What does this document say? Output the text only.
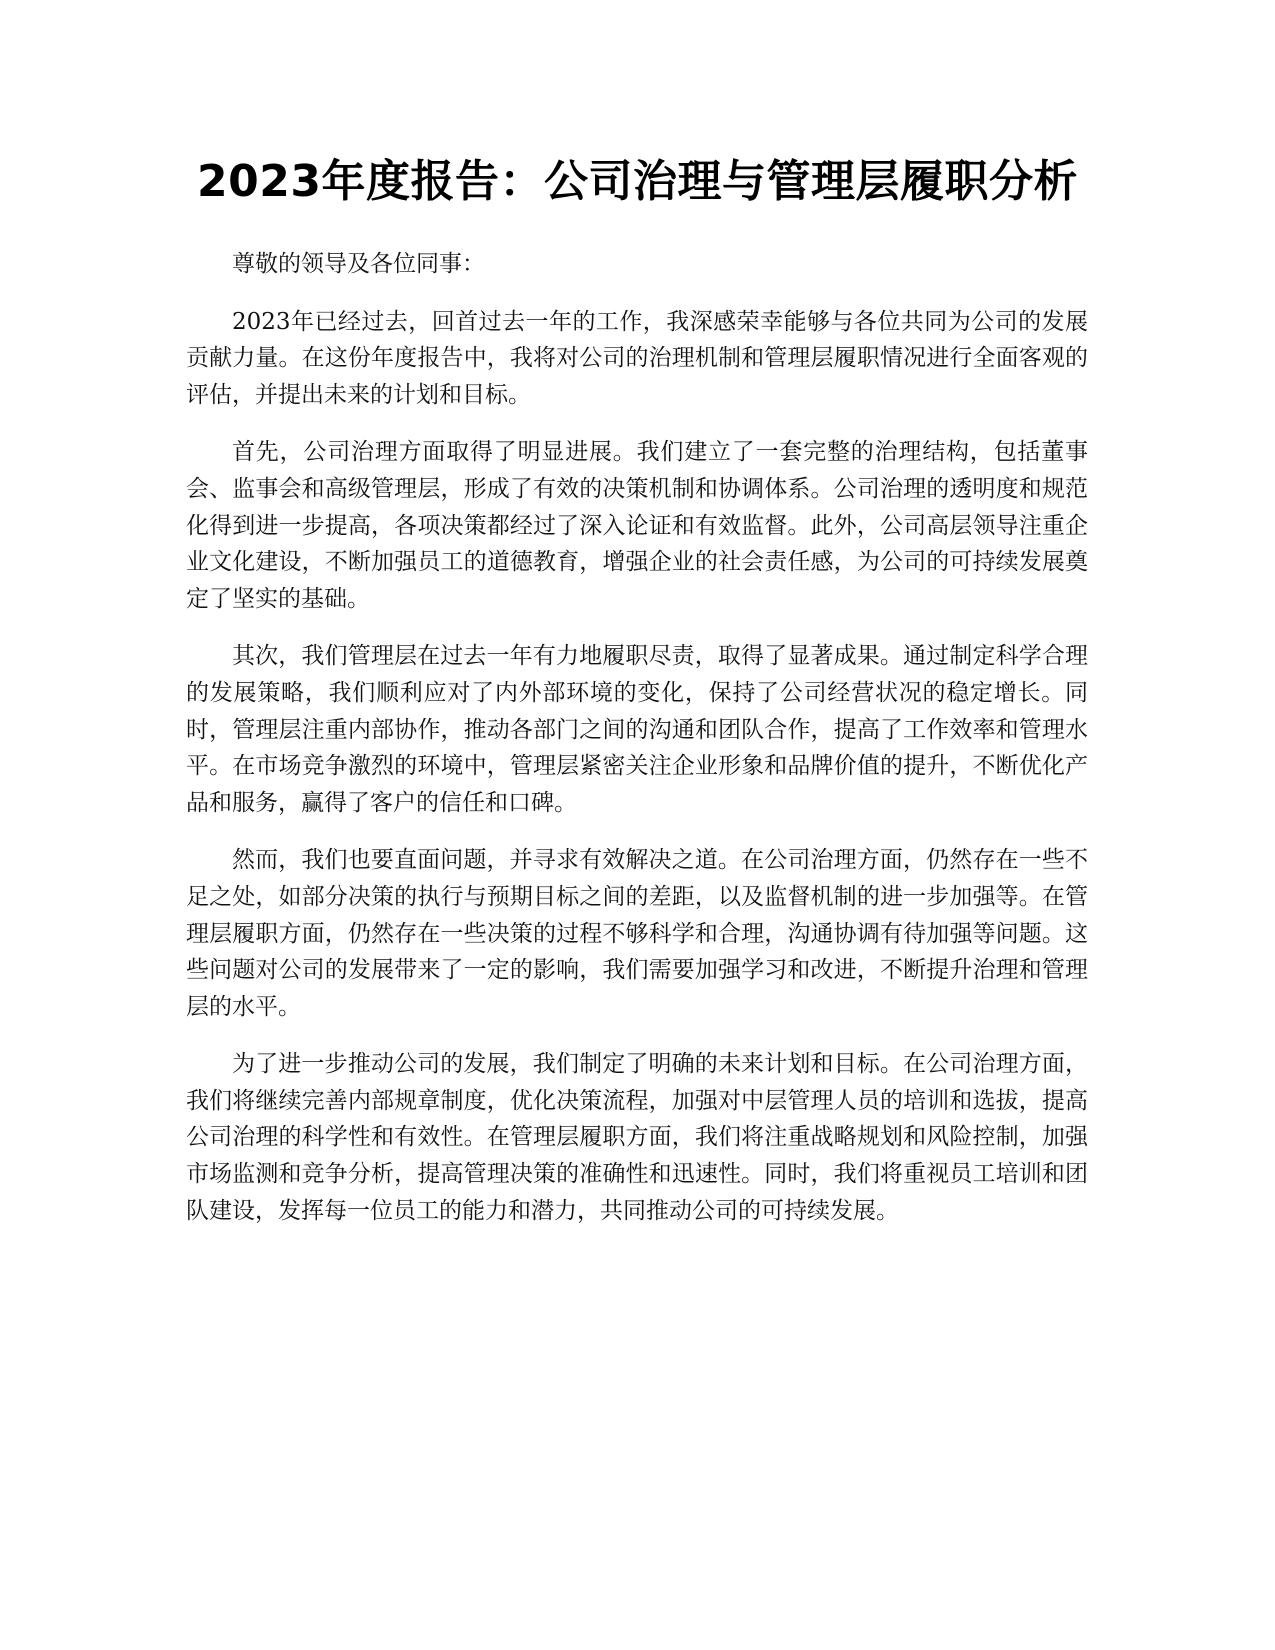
2023年度报告：公司治理与管理层履职分析

尊敬的领导及各位同事：

2023年已经过去，回首过去一年的工作，我深感荣幸能够与各位共同为公司的发展贡献力量。在这份年度报告中，我将对公司的治理机制和管理层履职情况进行全面客观的评估，并提出未来的计划和目标。

首先，公司治理方面取得了明显进展。我们建立了一套完整的治理结构，包括董事会、监事会和高级管理层，形成了有效的决策机制和协调体系。公司治理的透明度和规范化得到进一步提高，各项决策都经过了深入论证和有效监督。此外，公司高层领导注重企业文化建设，不断加强员工的道德教育，增强企业的社会责任感，为公司的可持续发展奠定了坚实的基础。

其次，我们管理层在过去一年有力地履职尽责，取得了显著成果。通过制定科学合理的发展策略，我们顺利应对了内外部环境的变化，保持了公司经营状况的稳定增长。同时，管理层注重内部协作，推动各部门之间的沟通和团队合作，提高了工作效率和管理水平。在市场竞争激烈的环境中，管理层紧密关注企业形象和品牌价值的提升，不断优化产品和服务，赢得了客户的信任和口碑。

然而，我们也要直面问题，并寻求有效解决之道。在公司治理方面，仍然存在一些不足之处，如部分决策的执行与预期目标之间的差距，以及监督机制的进一步加强等。在管理层履职方面，仍然存在一些决策的过程不够科学和合理，沟通协调有待加强等问题。这些问题对公司的发展带来了一定的影响，我们需要加强学习和改进，不断提升治理和管理层的水平。

为了进一步推动公司的发展，我们制定了明确的未来计划和目标。在公司治理方面，我们将继续完善内部规章制度，优化决策流程，加强对中层管理人员的培训和选拔，提高公司治理的科学性和有效性。在管理层履职方面，我们将注重战略规划和风险控制，加强市场监测和竞争分析，提高管理决策的准确性和迅速性。同时，我们将重视员工培训和团队建设，发挥每一位员工的能力和潜力，共同推动公司的可持续发展。
